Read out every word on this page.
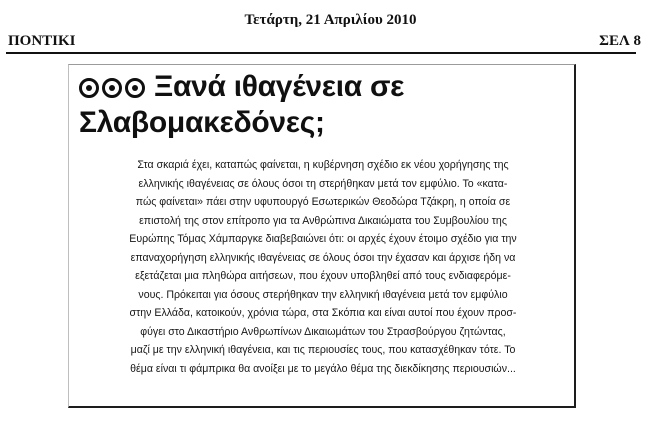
Τετάρτη, 21 Απριλίου 2010
ΠΟΝΤΙΚΙ	ΣΕΛ 8
Ξανά ιθαγένεια σε
Σλαβομακεδόνες;
Στα σκαριά έχει, καταπώς φαίνεται, η κυβέρνηση σχέδιο εκ νέου χορήγησης της
ελληνικής ιθαγένειας σε όλους όσοι τη στερήθηκαν μετά τον εμφύλιο. Το «κατα-
πώς φαίνεται» πάει στην υφυπουργό Εσωτερικών Θεοδώρα Τζάκρη, η οποία σε
επιστολή της στον επίτροπο για τα Ανθρώπινα Δικαιώματα του Συμβουλίου της
Ευρώπης Τόμας Χάμπαργκε διαβεβαιώνει ότι: οι αρχές έχουν έτοιμο σχέδιο για την
επαναχορήγηση ελληνικής ιθαγένειας σε όλους όσοι την έχασαν και άρχισε ήδη να
εξετάζεται μια πληθώρα αιτήσεων, που έχουν υποβληθεί από τους ενδιαφερόμε-
νους. Πρόκειται για όσους στερήθηκαν την ελληνική ιθαγένεια μετά τον εμφύλιο
στην Ελλάδα, κατοικούν, χρόνια τώρα, στα Σκόπια και είναι αυτοί που έχουν προσ-
φύγει στο Δικαστήριο Ανθρωπίνων Δικαιωμάτων του Στρασβούργου ζητώντας,
μαζί με την ελληνική ιθαγένεια, και τις περιουσίες τους, που κατασχέθηκαν τότε. Το
θέμα είναι τι φάμπρικα θα ανοίξει με το μεγάλο θέμα της διεκδίκησης περιουσιών...
